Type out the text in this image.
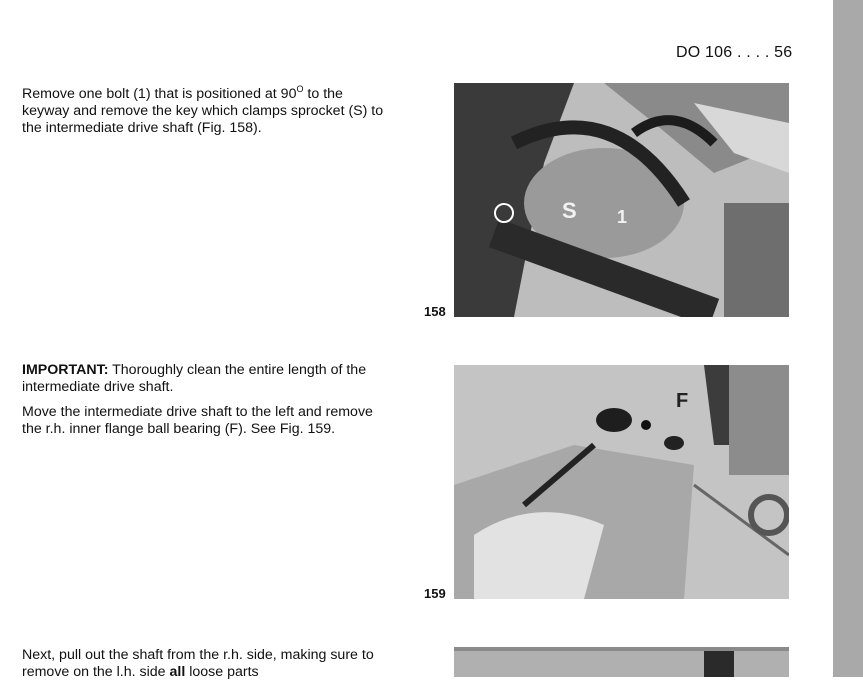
DO 106 . . . . 56

Remove one bolt (1) that is positioned at $90^O$ to the keyway and remove the key which clamps sprocket (S) to the intermediate drive shaft (Fig. 158).

IMPORTANT: Thoroughly clean the entire length of the intermediate drive shaft.

Move the intermediate drive shaft to the left and remove the r.h. inner flange ball bearing (F). See Fig. 159.

Next, pull out the shaft from the r.h. side, making sure to remove on the l.h. side all loose parts

S 1
158
F
159
